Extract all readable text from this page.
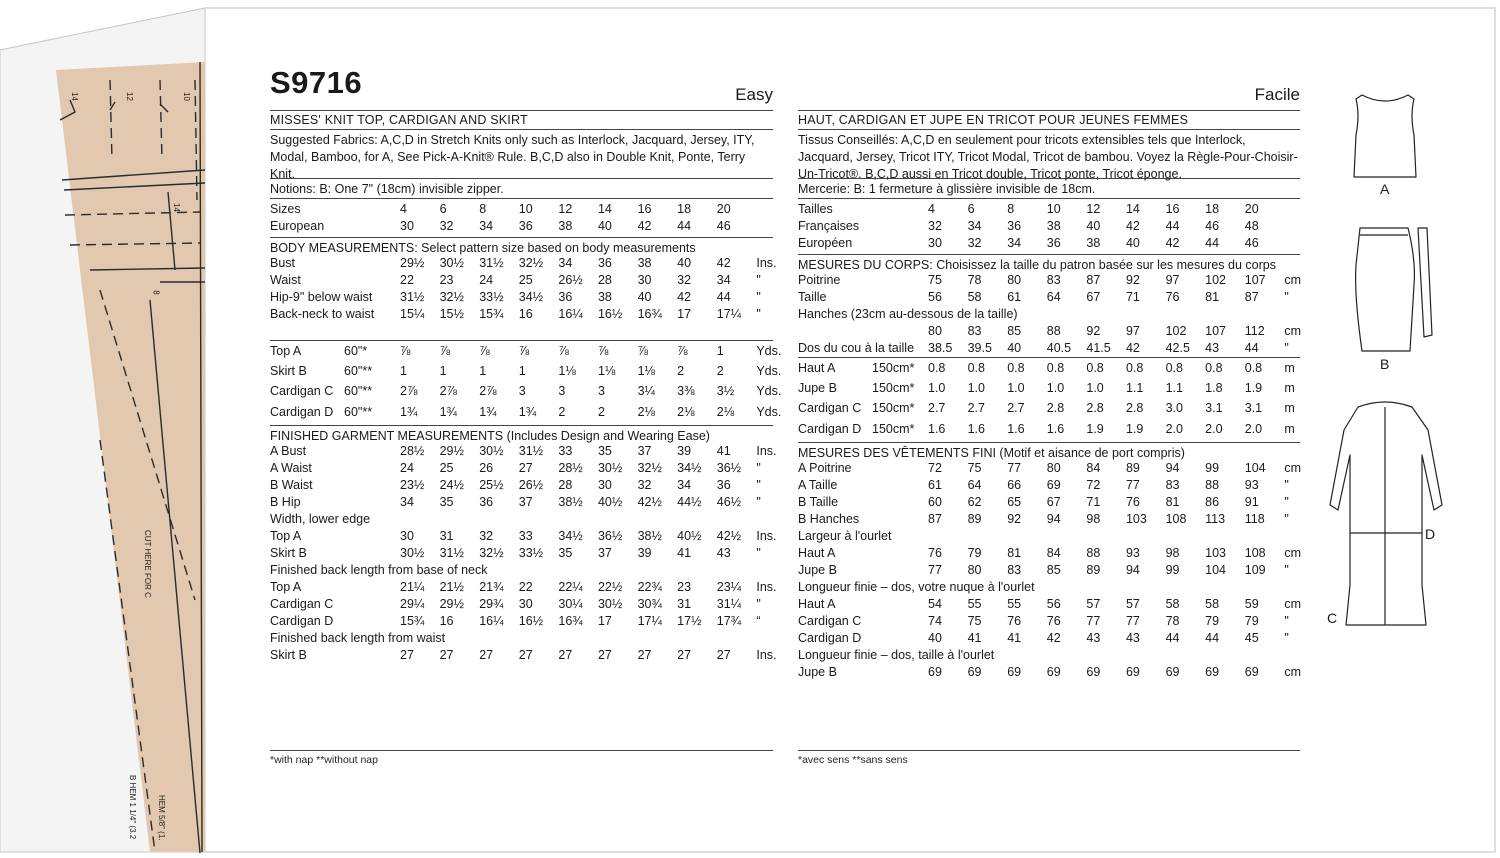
14	12	10
14
8
CUT HERE FOR C
B HEM 1 1/4" (3.2	HEM 5/8" (1.
S9716	Easy
MISSES' KNIT TOP, CARDIGAN AND SKIRT
Suggested Fabrics: A,C,D in Stretch Knits only such as Interlock, Jacquard, Jersey, ITY, Modal, Bamboo, for A, See Pick-A-Knit® Rule. B,C,D also in Double Knit, Ponte, Terry Knit.
Notions: B: One 7" (18cm) invisible zipper.
Sizes	4	6	8	10	12	14	16	18	20	
European	30	32	34	36	38	40	42	44	46	
BODY MEASUREMENTS: Select pattern size based on body measurements
Bust	29½	30½	31½	32½	34	36	38	40	42	Ins.
Waist	22	23	24	25	26½	28	30	32	34	"
Hip-9" below waist	31½	32½	33½	34½	36	38	40	42	44	"
Back-neck to waist	15¼	15½	15¾	16	16¼	16½	16¾	17	17¼	"
Top A	60"*	⅞	⅞	⅞	⅞	⅞	⅞	⅞	⅞	1	Yds.
Skirt B	60"**	1	1	1	1	1⅛	1⅛	1⅛	2	2	Yds.
Cardigan C	60"**	2⅞	2⅞	2⅞	3	3	3	3¼	3⅜	3½	Yds.
Cardigan D	60"**	1¾	1¾	1¾	1¾	2	2	2⅛	2⅛	2⅛	Yds.
FINISHED GARMENT MEASUREMENTS (Includes Design and Wearing Ease)
A Bust	28½	29½	30½	31½	33	35	37	39	41	Ins.
A Waist	24	25	26	27	28½	30½	32½	34½	36½	"
B Waist	23½	24½	25½	26½	28	30	32	34	36	"
B Hip	34	35	36	37	38½	40½	42½	44½	46½	"
Width, lower edge										
Top A	30	31	32	33	34½	36½	38½	40½	42½	Ins.
Skirt B	30½	31½	32½	33½	35	37	39	41	43	"
Finished back length from base of neck										
Top A	21¼	21½	21¾	22	22¼	22½	22¾	23	23¼	Ins.
Cardigan C	29¼	29½	29¾	30	30¼	30½	30¾	31	31¼	"
Cardigan D	15¾	16	16¼	16½	16¾	17	17¼	17½	17¾	“
Finished back length from waist										
Skirt B	27	27	27	27	27	27	27	27	27	Ins.
Facile
HAUT, CARDIGAN ET JUPE EN TRICOT POUR JEUNES FEMMES
Tissus Conseillés: A,C,D en seulement pour tricots extensibles tels que Interlock, Jacquard, Jersey, Tricot ITY, Tricot Modal, Tricot de bambou. Voyez la Règle-Pour-Choisir-Un-Tricot®. B,C,D aussi en Tricot double, Tricot ponte, Tricot éponge.
Mercerie: B: 1 fermeture à glissière invisible de 18cm.
Tailles	4	6	8	10	12	14	16	18	20	
Françaises	32	34	36	38	40	42	44	46	48	
Européen	30	32	34	36	38	40	42	44	46	
MESURES DU CORPS: Choisissez la taille du patron basée sur les mesures du corps
Poitrine	75	78	80	83	87	92	97	102	107	cm
Taille	56	58	61	64	67	71	76	81	87	"
Hanches (23cm au-dessous de la taille)										
	80	83	85	88	92	97	102	107	112	cm
Dos du cou à la taille	38.5	39.5	40	40.5	41.5	42	42.5	43	44	"
Haut A	150cm*	0.8	0.8	0.8	0.8	0.8	0.8	0.8	0.8	0.8	m
Jupe B	150cm*	1.0	1.0	1.0	1.0	1.0	1.1	1.1	1.8	1.9	m
Cardigan C	150cm*	2.7	2.7	2.7	2.8	2.8	2.8	3.0	3.1	3.1	m
Cardigan D	150cm*	1.6	1.6	1.6	1.6	1.9	1.9	2.0	2.0	2.0	m
MESURES DES VÊTEMENTS FINI (Motif et aisance de port compris)
A Poitrine	72	75	77	80	84	89	94	99	104	cm
A Taille	61	64	66	69	72	77	83	88	93	"
B Taille	60	62	65	67	71	76	81	86	91	"
B Hanches	87	89	92	94	98	103	108	113	118	"
Largeur à l'ourlet										
Haut A	76	79	81	84	88	93	98	103	108	cm
Jupe B	77	80	83	85	89	94	99	104	109	"
Longueur finie – dos, votre nuque à l'ourlet										
Haut A	54	55	55	56	57	57	58	58	59	cm
Cardigan C	74	75	76	76	77	77	78	79	79	"
Cardigan D	40	41	41	42	43	43	44	44	45	"
Longueur finie – dos, taille à l'ourlet										
Jupe B	69	69	69	69	69	69	69	69	69	cm
*with nap **without nap	*avec sens **sans sens
A
B
C
D
